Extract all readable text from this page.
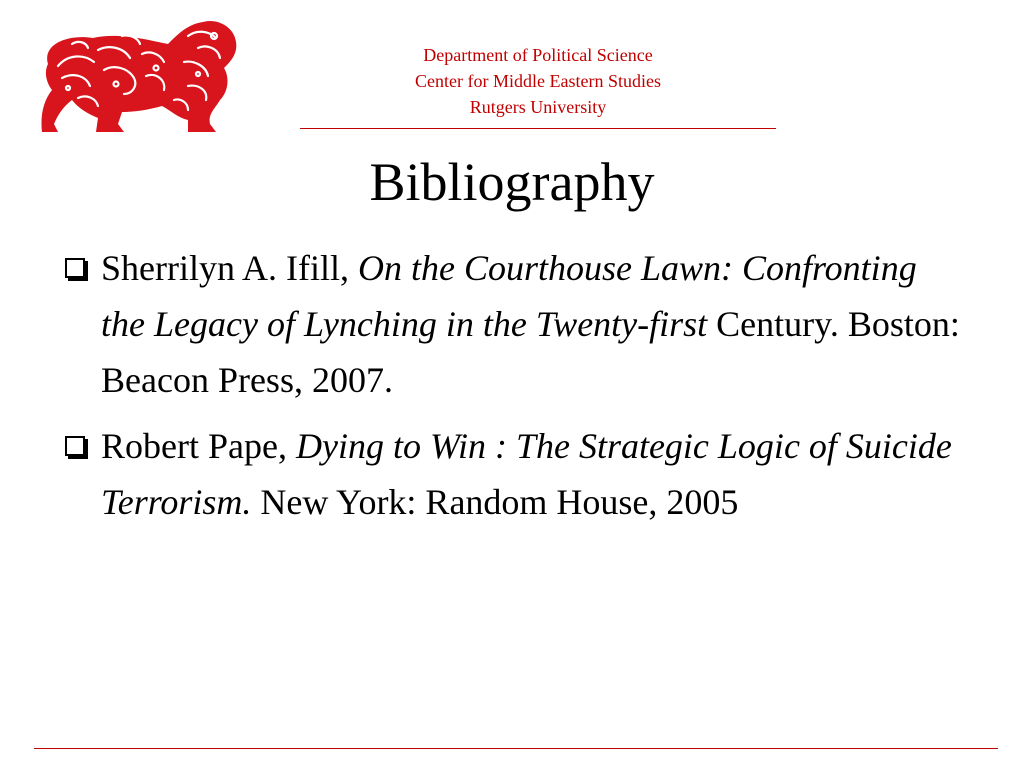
Department of Political Science
Center for Middle Eastern Studies
Rutgers University
Bibliography
Sherrilyn A. Ifill, On the Courthouse Lawn: Confronting the Legacy of Lynching in the Twenty-first Century. Boston: Beacon Press, 2007.
Robert Pape, Dying to Win : The Strategic Logic of Suicide Terrorism. New York: Random House, 2005
